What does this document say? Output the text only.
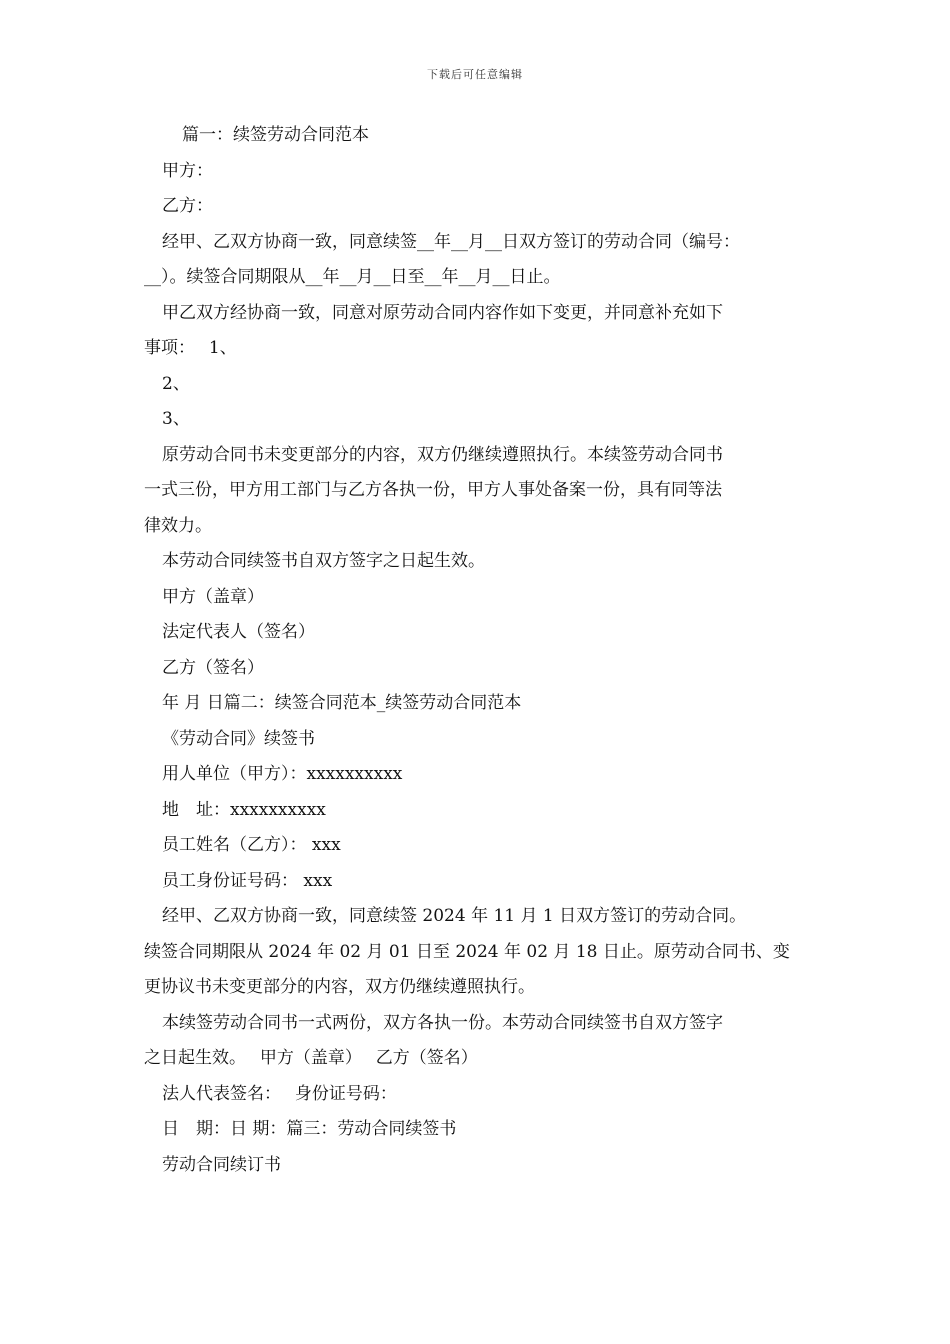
下载后可任意编辑
篇一：续签劳动合同范本
甲方：
乙方：
经甲、乙双方协商一致，同意续签__年__月__日双方签订的劳动合同（编号：
__）。续签合同期限从__年__月__日至__年__月__日止。
甲乙双方经协商一致，同意对原劳动合同内容作如下变更，并同意补充如下
事项：　 1、
2、
3、
原劳动合同书未变更部分的内容，双方仍继续遵照执行。本续签劳动合同书
一式三份，甲方用工部门与乙方各执一份，甲方人事处备案一份，具有同等法
律效力。
本劳动合同续签书自双方签字之日起生效。
甲方（盖章）
法定代表人（签名）
乙方（签名）
年 月 日篇二：续签合同范本_续签劳动合同范本
《劳动合同》续签书
用人单位（甲方）：xxxxxxxxxx
地　址：xxxxxxxxxx
员工姓名（乙方）： xxx
员工身份证号码： xxx
经甲、乙双方协商一致，同意续签 2024 年 11 月 1 日双方签订的劳动合同。
续签合同期限从 2024 年 02 月 01 日至 2024 年 02 月 18 日止。原劳动合同书、变
更协议书未变更部分的内容，双方仍继续遵照执行。
本续签劳动合同书一式两份，双方各执一份。本劳动合同续签书自双方签字
之日起生效。　 甲方（盖章）　 乙方（签名）
法人代表签名：　 身份证号码：
日　期：日 期：篇三：劳动合同续签书
劳动合同续订书
